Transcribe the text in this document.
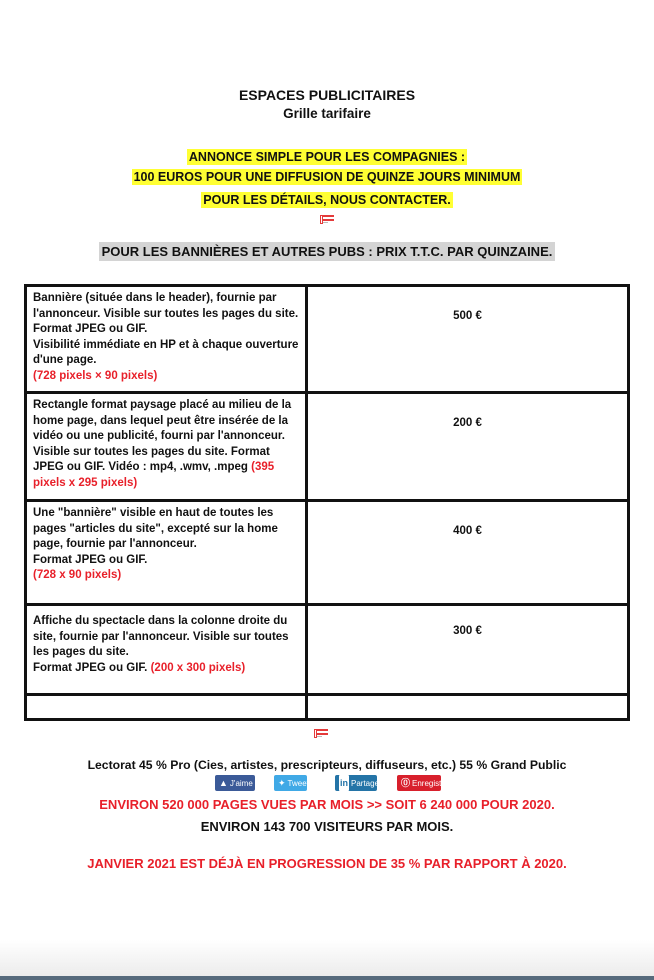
ESPACES PUBLICITAIRES
Grille tarifaire
ANNONCE SIMPLE POUR LES COMPAGNIES :
100 EUROS POUR UNE DIFFUSION DE QUINZE JOURS MINIMUM
POUR LES DÉTAILS, NOUS CONTACTER.
POUR LES BANNIÈRES ET AUTRES PUBS : PRIX T.T.C. PAR QUINZAINE.
Bannière (située dans le header), fournie par l'annonceur. Visible sur toutes les pages du site. Format JPEG ou GIF.
Visibilité immédiate en HP et à chaque ouverture d'une page.
(728 pixels × 90 pixels)	500 €
Rectangle format paysage placé au milieu de la home page, dans lequel peut être insérée de la vidéo ou une publicité, fourni par l'annonceur. Visible sur toutes les pages du site. Format JPEG ou GIF. Vidéo : mp4, .wmv, .mpeg (395 pixels x 295 pixels)	200 €
Une "bannière" visible en haut de toutes les pages "articles du site", excepté sur la home page, fournie par l'annonceur.
Format JPEG ou GIF.
(728 x 90 pixels)	400 €
Affiche du spectacle dans la colonne droite du site, fournie par l'annonceur. Visible sur toutes les pages du site.
Format JPEG ou GIF. (200 x 300 pixels)	300 €

Lectorat 45 % Pro (Cies, artistes, prescripteurs, diffuseurs, etc.) 55 % Grand Public
▲ J'aime	✦ Tweet	in Partager	⓪ Enregistrer
ENVIRON 520 000 PAGES VUES PAR MOIS >> SOIT 6 240 000 POUR 2020.
ENVIRON 143 700 VISITEURS PAR MOIS.
JANVIER 2021 EST DÉJÀ EN PROGRESSION DE 35 % PAR RAPPORT À 2020.
